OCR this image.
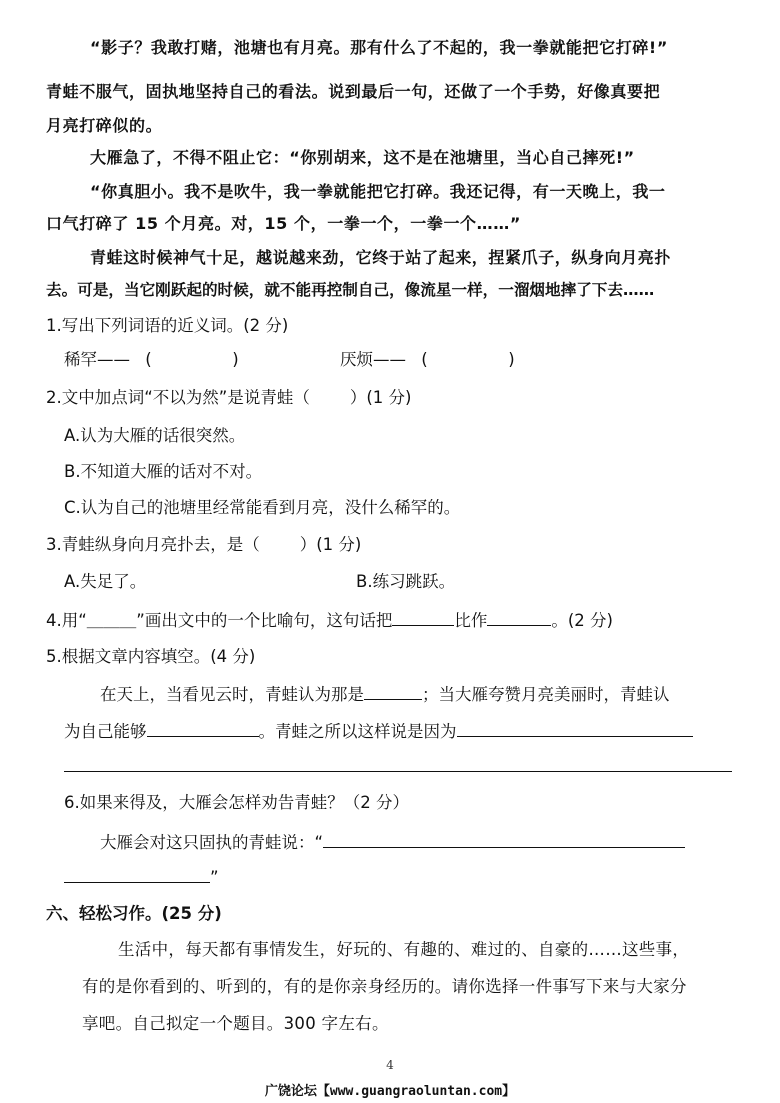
“影子？我敢打赌，池塘也有月亮。那有什么了不起的，我一拳就能把它打碎!”
青蛙不服气，固执地坚持自己的看法。说到最后一句，还做了一个手势，好像真要把
月亮打碎似的。
大雁急了，不得不阻止它：“你别胡来，这不是在池塘里，当心自己摔死!”
“你真胆小。我不是吹牛，我一拳就能把它打碎。我还记得，有一天晚上，我一
口气打碎了 15 个月亮。对，15 个，一拳一个，一拳一个……”
青蛙这时候神气十足，越说越来劲，它终于站了起来，捏紧爪子，纵身向月亮扑
去。可是，当它刚跃起的时候，就不能再控制自己，像流星一样，一溜烟地摔了下去……
1.写出下列词语的近义词。(2 分)
稀罕—— (	)	厌烦—— (	)
2.文中加点词“不以为然”是说青蛙（ ）(1 分)
A.认为大雁的话很突然。
B.不知道大雁的话对不对。
C.认为自己的池塘里经常能看到月亮，没什么稀罕的。
3.青蛙纵身向月亮扑去，是（ ）(1 分)
A.失足了。	B.练习跳跃。
4.用“＿＿＿”画出文中的一个比喻句，这句话把	比作	。(2 分)
5.根据文章内容填空。(4 分)
在天上，当看见云时，青蛙认为那是	；当大雁夸赞月亮美丽时，青蛙认
为自己能够	。青蛙之所以这样说是因为
6.如果来得及，大雁会怎样劝告青蛙？（2 分）
大雁会对这只固执的青蛙说：“
”
六、轻松习作。(25 分)
生活中，每天都有事情发生，好玩的、有趣的、难过的、自豪的……这些事，
有的是你看到的、听到的，有的是你亲身经历的。请你选择一件事写下来与大家分
享吧。自己拟定一个题目。300 字左右。
4
广饶论坛【www.guangraoluntan.com】
